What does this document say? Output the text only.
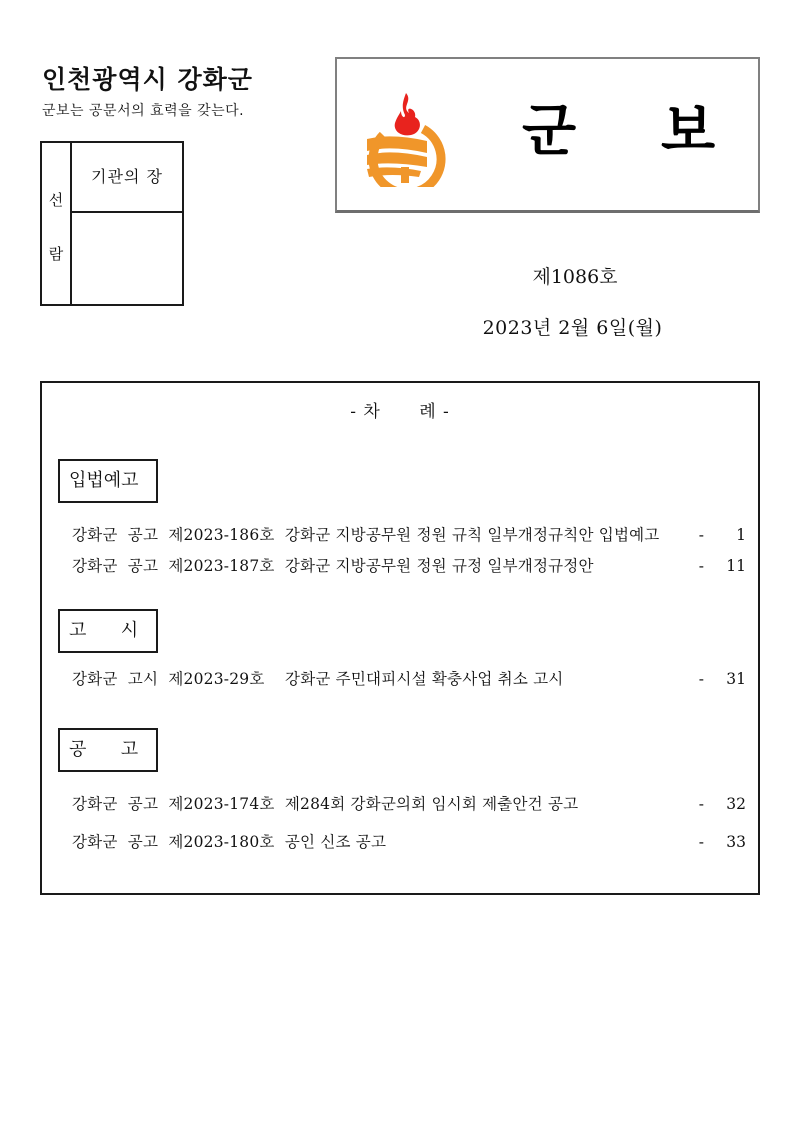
인천광역시 강화군
군보는 공문서의 효력을 갖는다.
선
람
기관의 장
군 보
제1086호
2023년 2월 6일(월)
- 차      례 -
입법예고
강화군  공고  제2023-186호  강화군 지방공무원 정원 규칙 일부개정규칙안 입법예고	-	1
강화군  공고  제2023-187호  강화군 지방공무원 정원 규정 일부개정규정안	-	11
고      시
강화군  고시  제2023-29호    강화군 주민대피시설 확충사업 취소 고시	-	31
공      고
강화군  공고  제2023-174호  제284회 강화군의회 임시회 제출안건 공고	-	32
강화군  공고  제2023-180호  공인 신조 공고	-	33
